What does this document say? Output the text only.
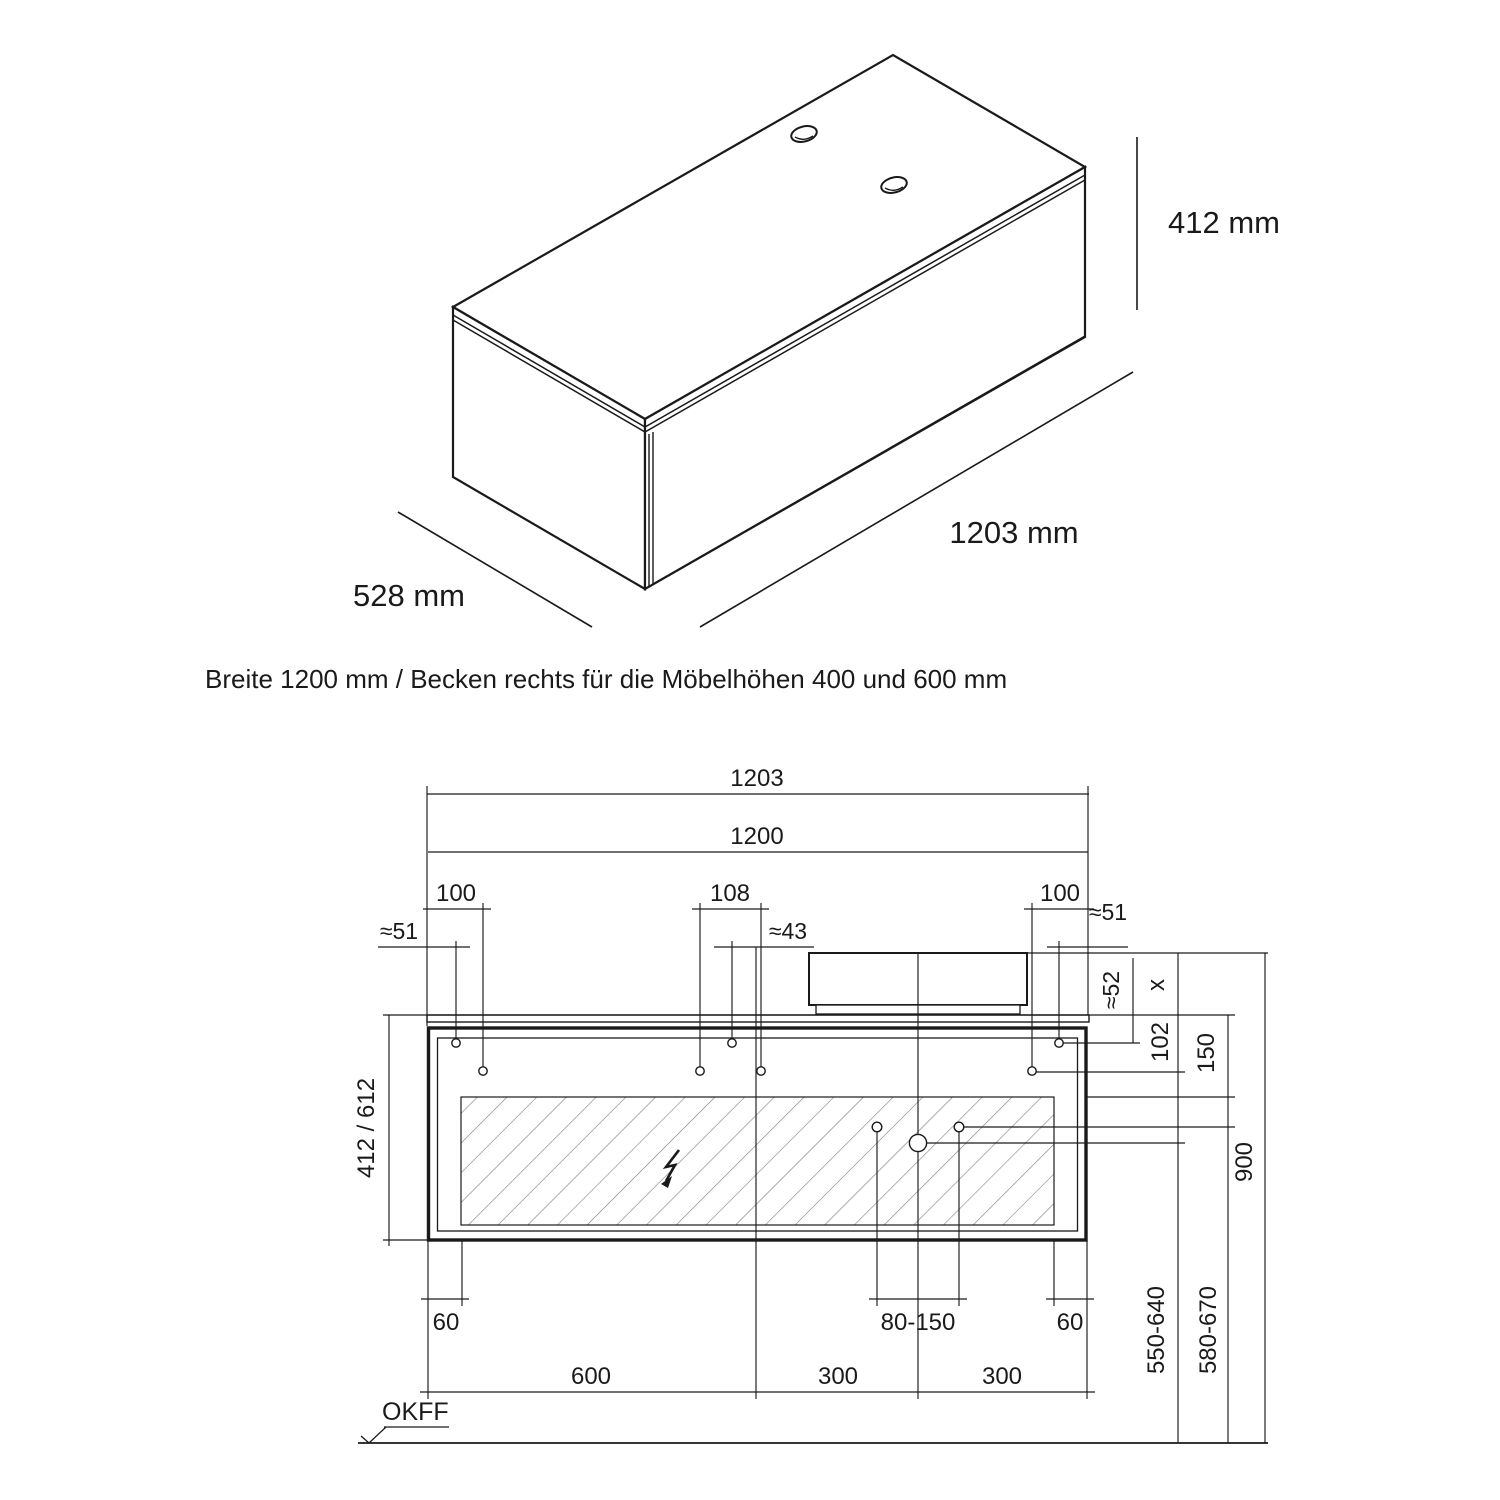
412 mm
1203 mm
528 mm
Breite 1200 mm / Becken rechts für die Möbelhöhen 400 und 600 mm
1203
1200
100	108	100
≈51	≈43
≈51
412 / 612
≈52 x
102 150
900
550-640 580-670
60	80-150	60
600	300	300
OKFF
